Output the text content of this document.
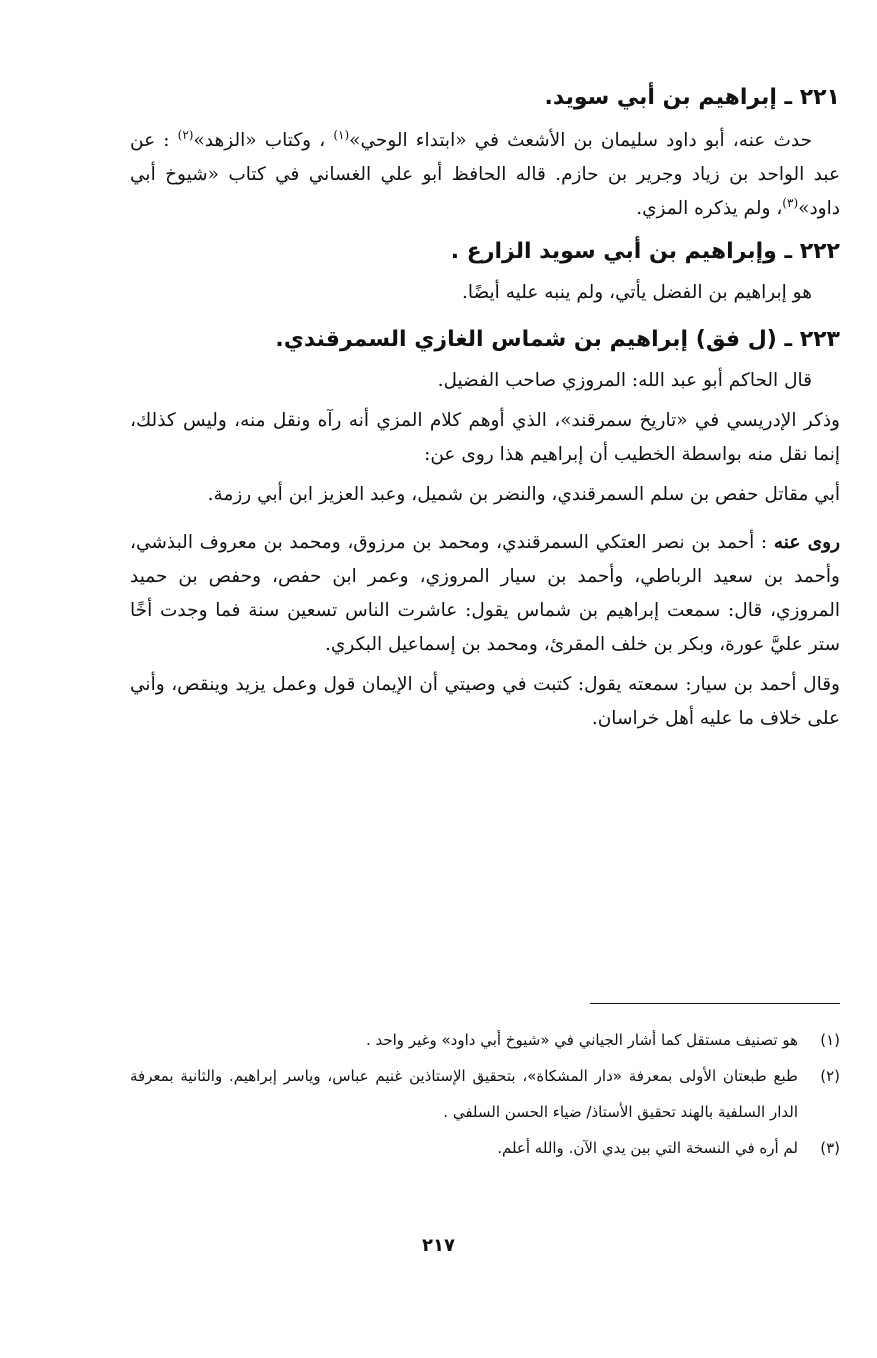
٢٢١ ـ إبراهيم بن أبي سويد.

حدث عنه، أبو داود سليمان بن الأشعث في «ابتداء الوحي»$^{(١)}$ ، وكتاب «الزهد»$^{(٢)}$ : عن عبد الواحد بن زياد وجرير بن حازم. قاله الحافظ أبو علي الغساني في كتاب «شيوخ أبي داود»$^{(٣)}$، ولم يذكره المزي.

٢٢٢ ـ وإبراهيم بن أبي سويد الزارع .

هو إبراهيم بن الفضل يأتي، ولم ينبه عليه أيضًا.

٢٢٣ ـ (ل فق) إبراهيم بن شماس الغازي السمرقندي.

قال الحاكم أبو عبد الله: المروزي صاحب الفضيل.

وذكر الإدريسي في «تاريخ سمرقند»، الذي أوهم كلام المزي أنه رآه ونقل منه، وليس كذلك، إنما نقل منه بواسطة الخطيب أن إبراهيم هذا روى عن:

أبي مقاتل حفص بن سلم السمرقندي، والنضر بن شميل، وعبد العزيز ابن أبي رزمة.

روى عنه : أحمد بن نصر العتكي السمرقندي، ومحمد بن مرزوق، ومحمد بن معروف البذشي، وأحمد بن سعيد الرباطي، وأحمد بن سيار المروزي، وعمر ابن حفص، وحفص بن حميد المروزي، قال: سمعت إبراهيم بن شماس يقول: عاشرت الناس تسعين سنة فما وجدت أخًا ستر عليَّ عورة، وبكر بن خلف المقرئ، ومحمد بن إسماعيل البكري.

وقال أحمد بن سيار: سمعته يقول: كتبت في وصيتي أن الإيمان قول وعمل يزيد وينقص، وأني على خلاف ما عليه أهل خراسان.

(١)
هو تصنيف مستقل كما أشار الجياني في «شيوخ أبي داود» وغير واحد .

(٢)
طبع طبعتان الأولى بمعرفة «دار المشكاة»، بتحقيق الإستاذين غنيم عباس، وياسر إبراهيم. والثانية بمعرفة الدار السلفية بالهند تحقيق الأستاذ/ ضياء الحسن السلفي .

(٣)
لم أره في النسخة التي بين يدي الآن. والله أعلم.

٢١٧
